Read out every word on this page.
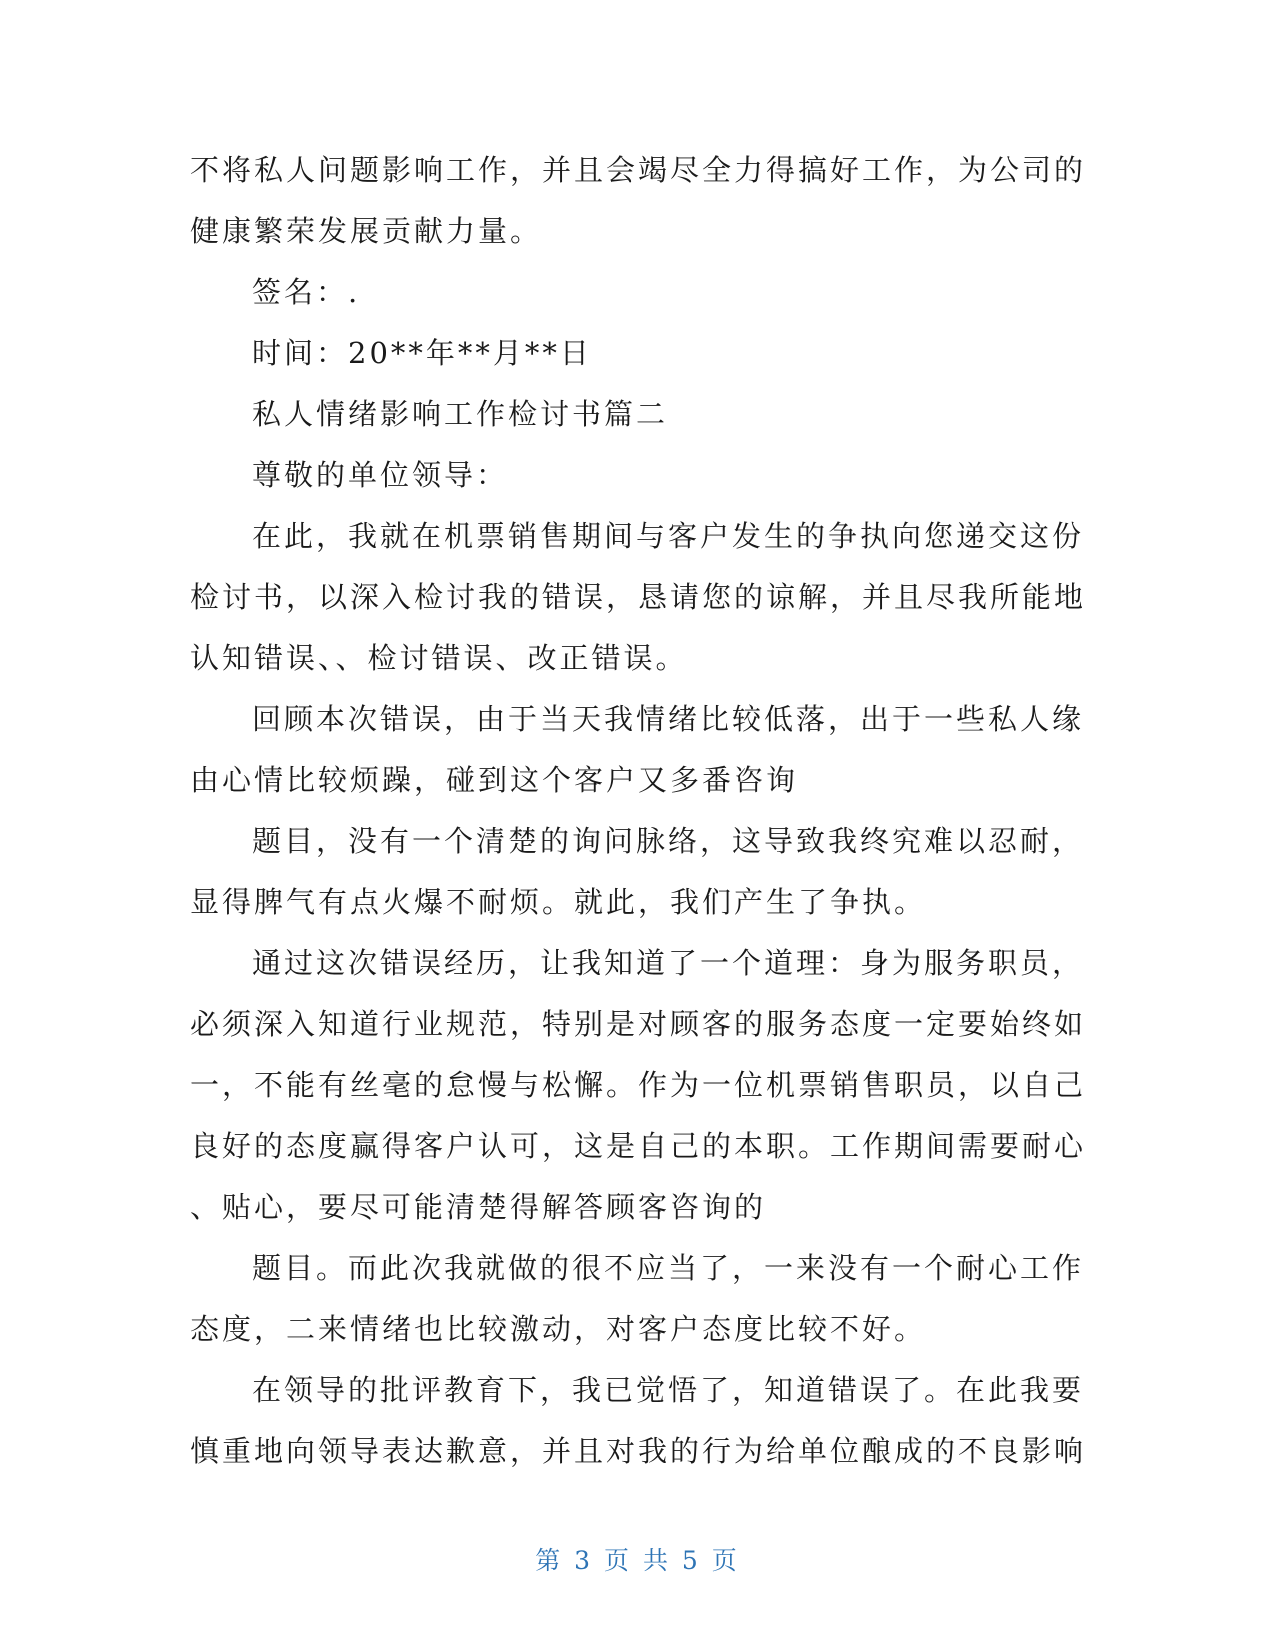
不将私人问题影响工作，并且会竭尽全力得搞好工作，为公司的

健康繁荣发展贡献力量。

签名：.

时间：20**年**月**日

私人情绪影响工作检讨书篇二

尊敬的单位领导：

在此，我就在机票销售期间与客户发生的争执向您递交这份

检讨书，以深入检讨我的错误，恳请您的谅解，并且尽我所能地

认知错误、、检讨错误、改正错误。

回顾本次错误，由于当天我情绪比较低落，出于一些私人缘

由心情比较烦躁，碰到这个客户又多番咨询

题目，没有一个清楚的询问脉络，这导致我终究难以忍耐，

显得脾气有点火爆不耐烦。就此，我们产生了争执。

通过这次错误经历，让我知道了一个道理：身为服务职员，

必须深入知道行业规范，特别是对顾客的服务态度一定要始终如

一，不能有丝毫的怠慢与松懈。作为一位机票销售职员，以自己

良好的态度赢得客户认可，这是自己的本职。工作期间需要耐心

、贴心，要尽可能清楚得解答顾客咨询的

题目。而此次我就做的很不应当了，一来没有一个耐心工作

态度，二来情绪也比较激动，对客户态度比较不好。

在领导的批评教育下，我已觉悟了，知道错误了。在此我要

慎重地向领导表达歉意，并且对我的行为给单位酿成的不良影响

第 3 页 共 5 页
